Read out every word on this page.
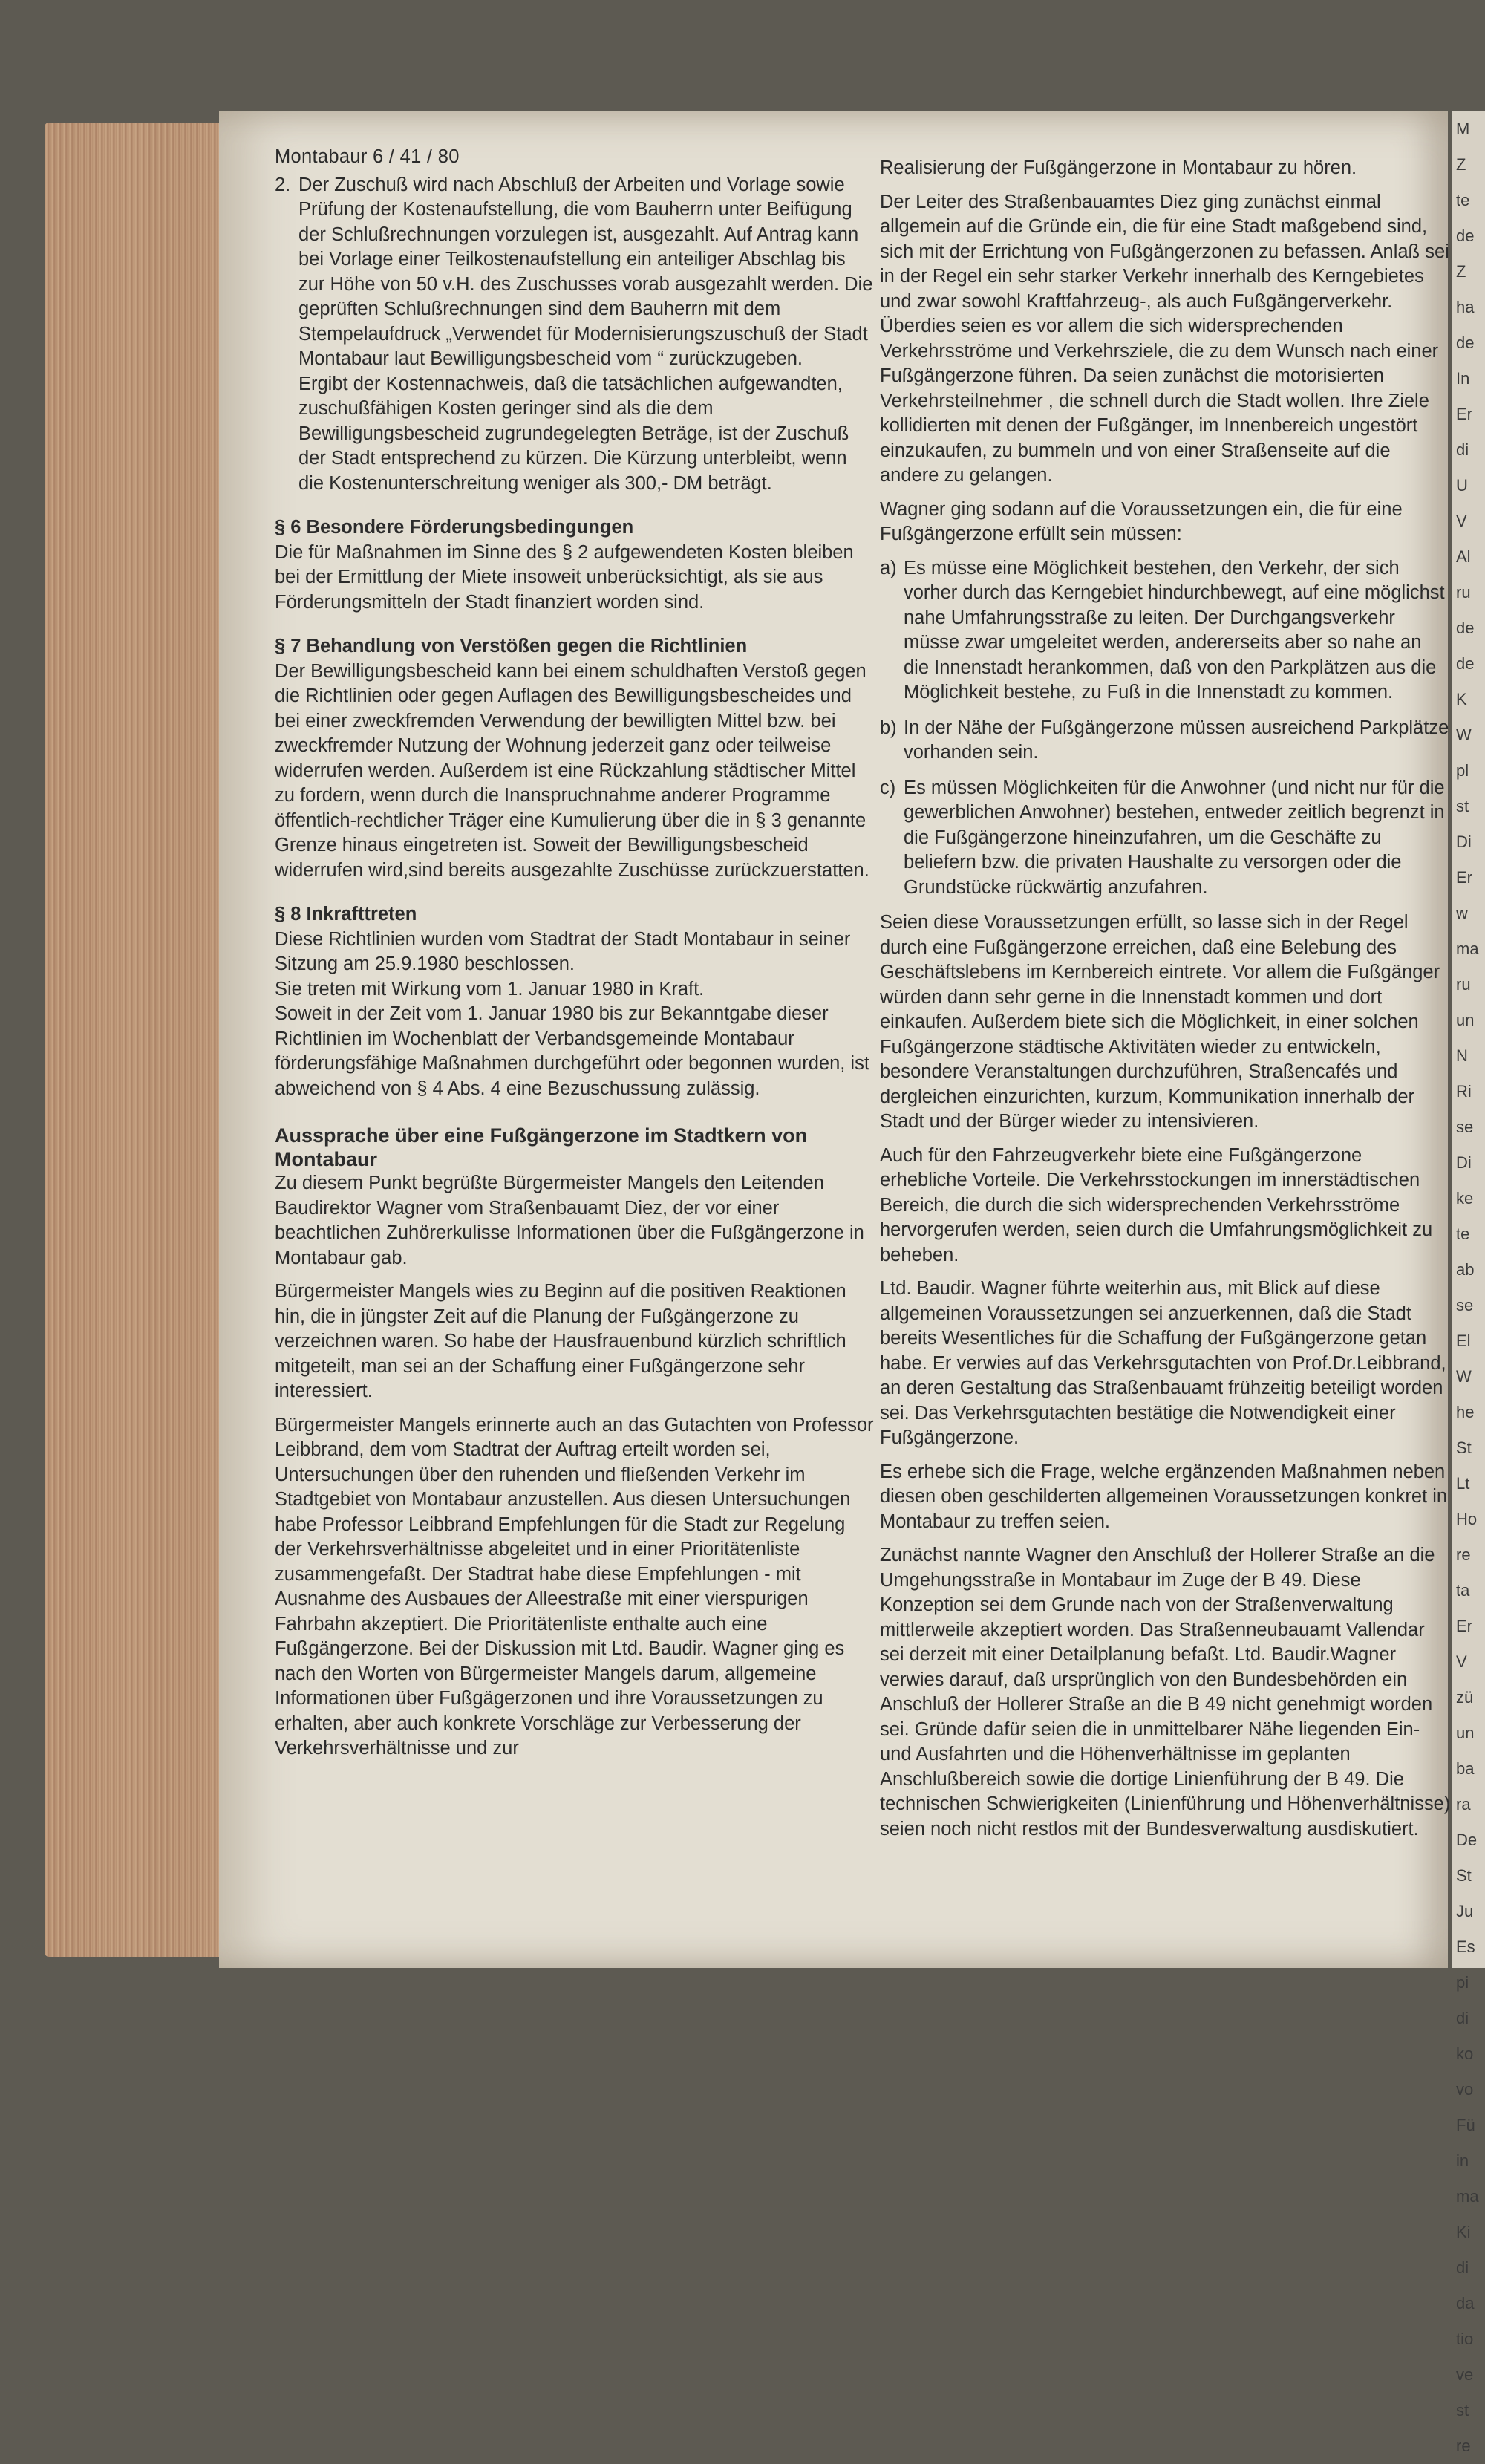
M
Z
te
de
Z
ha
de
In
Er
di
U
V
Al
ru
de
de
K
W
pl
st
Di
Er
w
ma
ru
un
N
Ri
se
Di
ke
te
ab
se
El
W
he
St
Lt
Ho
re
ta
Er
V
zü
un
ba
ra
De
St
Ju
Es
pi
di
ko
vo
Fü
in
ma
Ki
di
da
tio
ve
st
re
Montabaur 6 / 41 / 80
2. Der Zuschuß wird nach Abschluß der Arbeiten und Vorlage sowie Prüfung der Kostenaufstellung, die vom Bauherrn unter Beifügung der Schlußrechnungen vorzulegen ist, ausgezahlt. Auf Antrag kann bei Vorlage einer Teilkostenaufstellung ein anteiliger Abschlag bis zur Höhe von 50 v.H. des Zuschusses vorab ausgezahlt werden. Die geprüften Schlußrechnungen sind dem Bauherrn mit dem Stempelaufdruck „Verwendet für Modernisierungszuschuß der Stadt Montabaur laut Bewilligungsbescheid vom “ zurückzugeben.
Ergibt der Kostennachweis, daß die tatsächlichen aufgewandten, zuschußfähigen Kosten geringer sind als die dem Bewilligungsbescheid zugrundegelegten Beträge, ist der Zuschuß der Stadt entsprechend zu kürzen. Die Kürzung unterbleibt, wenn die Kostenunterschreitung weniger als 300,- DM beträgt.
§ 6 Besondere Förderungsbedingungen

Die für Maßnahmen im Sinne des § 2 aufgewendeten Kosten bleiben bei der Ermittlung der Miete insoweit unberücksichtigt, als sie aus Förderungsmitteln der Stadt finanziert worden sind.

§ 7 Behandlung von Verstößen gegen die Richtlinien

Der Bewilligungsbescheid kann bei einem schuldhaften Verstoß gegen die Richtlinien oder gegen Auflagen des Bewilligungsbescheides und bei einer zweckfremden Verwendung der bewilligten Mittel bzw. bei zweckfremder Nutzung der Wohnung jederzeit ganz oder teilweise widerrufen werden. Außerdem ist eine Rückzahlung städtischer Mittel zu fordern, wenn durch die Inanspruchnahme anderer Programme öffentlich-rechtlicher Träger eine Kumulierung über die in § 3 genannte Grenze hinaus eingetreten ist. Soweit der Bewilligungsbescheid widerrufen wird,sind bereits ausgezahlte Zuschüsse zurückzuerstatten.

§ 8 Inkrafttreten
Diese Richtlinien wurden vom Stadtrat der Stadt Montabaur in seiner Sitzung am 25.9.1980 beschlossen.
Sie treten mit Wirkung vom 1. Januar 1980 in Kraft.

Soweit in der Zeit vom 1. Januar 1980 bis zur Bekanntgabe dieser Richtlinien im Wochenblatt der Verbandsgemeinde Montabaur förderungsfähige Maßnahmen durchgeführt oder begonnen wurden, ist abweichend von § 4 Abs. 4 eine Bezuschussung zulässig.

Aussprache über eine Fußgängerzone im Stadtkern von Montabaur

Zu diesem Punkt begrüßte Bürgermeister Mangels den Leitenden Baudirektor Wagner vom Straßenbauamt Diez, der vor einer beachtlichen Zuhörerkulisse Informationen über die Fußgängerzone in Montabaur gab.

Bürgermeister Mangels wies zu Beginn auf die positiven Reaktionen hin, die in jüngster Zeit auf die Planung der Fußgängerzone zu verzeichnen waren. So habe der Hausfrauenbund kürzlich schriftlich mitgeteilt, man sei an der Schaffung einer Fußgängerzone sehr interessiert.

Bürgermeister Mangels erinnerte auch an das Gutachten von Professor Leibbrand, dem vom Stadtrat der Auftrag erteilt worden sei, Untersuchungen über den ruhenden und fließenden Verkehr im Stadtgebiet von Montabaur anzustellen. Aus diesen Untersuchungen habe Professor Leibbrand Empfehlungen für die Stadt zur Regelung der Verkehrsverhältnisse abgeleitet und in einer Prioritätenliste zusammengefaßt. Der Stadtrat habe diese Empfehlungen - mit Ausnahme des Ausbaues der Alleestraße mit einer vierspurigen Fahrbahn akzeptiert. Die Prioritätenliste enthalte auch eine Fußgängerzone. Bei der Diskussion mit Ltd. Baudir. Wagner ging es nach den Worten von Bürgermeister Mangels darum, allgemeine Informationen über Fußgägerzonen und ihre Voraussetzungen zu erhalten, aber auch konkrete Vorschläge zur Verbesserung der Verkehrsverhältnisse und zur

Realisierung der Fußgängerzone in Montabaur zu hören.

Der Leiter des Straßenbauamtes Diez ging zunächst einmal allgemein auf die Gründe ein, die für eine Stadt maßgebend sind, sich mit der Errichtung von Fußgängerzonen zu befassen. Anlaß sei in der Regel ein sehr starker Verkehr innerhalb des Kerngebietes und zwar sowohl Kraftfahrzeug-, als auch Fußgängerverkehr. Überdies seien es vor allem die sich widersprechenden Verkehrsströme und Verkehrsziele, die zu dem Wunsch nach einer Fußgängerzone führen. Da seien zunächst die motorisierten Verkehrsteilnehmer , die schnell durch die Stadt wollen. Ihre Ziele kollidierten mit denen der Fußgänger, im Innenbereich ungestört einzukaufen, zu bummeln und von einer Straßenseite auf die andere zu gelangen.

Wagner ging sodann auf die Voraussetzungen ein, die für eine Fußgängerzone erfüllt sein müssen:

a) Es müsse eine Möglichkeit bestehen, den Verkehr, der sich vorher durch das Kerngebiet hindurchbewegt, auf eine möglichst nahe Umfahrungsstraße zu leiten. Der Durchgangsverkehr müsse zwar umgeleitet werden, andererseits aber so nahe an die Innenstadt herankommen, daß von den Parkplätzen aus die Möglichkeit bestehe, zu Fuß in die Innenstadt zu kommen.
b) In der Nähe der Fußgängerzone müssen ausreichend Parkplätze vorhanden sein.
c) Es müssen Möglichkeiten für die Anwohner (und nicht nur für die gewerblichen Anwohner) bestehen, entweder zeitlich begrenzt in die Fußgängerzone hineinzufahren, um die Geschäfte zu beliefern bzw. die privaten Haushalte zu versorgen oder die Grundstücke rückwärtig anzufahren.

Seien diese Voraussetzungen erfüllt, so lasse sich in der Regel durch eine Fußgängerzone erreichen, daß eine Belebung des Geschäftslebens im Kernbereich eintrete. Vor allem die Fußgänger würden dann sehr gerne in die Innenstadt kommen und dort einkaufen. Außerdem biete sich die Möglichkeit, in einer solchen Fußgängerzone städtische Aktivitäten wieder zu entwickeln, besondere Veranstaltungen durchzuführen, Straßencafés und dergleichen einzurichten, kurzum, Kommunikation innerhalb der Stadt und der Bürger wieder zu intensivieren.

Auch für den Fahrzeugverkehr biete eine Fußgängerzone erhebliche Vorteile. Die Verkehrsstockungen im innerstädtischen Bereich, die durch die sich widersprechenden Verkehrsströme hervorgerufen werden, seien durch die Umfahrungsmöglichkeit zu beheben.

Ltd. Baudir. Wagner führte weiterhin aus, mit Blick auf diese allgemeinen Voraussetzungen sei anzuerkennen, daß die Stadt bereits Wesentliches für die Schaffung der Fußgängerzone getan habe. Er verwies auf das Verkehrsgutachten von Prof.Dr.Leibbrand, an deren Gestaltung das Straßenbauamt frühzeitig beteiligt worden sei. Das Verkehrsgutachten bestätige die Notwendigkeit einer Fußgängerzone.

Es erhebe sich die Frage, welche ergänzenden Maßnahmen neben diesen oben geschilderten allgemeinen Voraussetzungen konkret in Montabaur zu treffen seien.

Zunächst nannte Wagner den Anschluß der Hollerer Straße an die Umgehungsstraße in Montabaur im Zuge der B 49. Diese Konzeption sei dem Grunde nach von der Straßenverwaltung mittlerweile akzeptiert worden. Das Straßenneubauamt Vallendar sei derzeit mit einer Detailplanung befaßt. Ltd. Baudir.Wagner verwies darauf, daß ursprünglich von den Bundesbehörden ein Anschluß der Hollerer Straße an die B 49 nicht genehmigt worden sei. Gründe dafür seien die in unmittelbarer Nähe liegenden Ein- und Ausfahrten und die Höhenverhältnisse im geplanten Anschlußbereich sowie die dortige Linienführung der B 49. Die technischen Schwierigkeiten (Linienführung und Höhenverhältnisse) seien noch nicht restlos mit der Bundesverwaltung ausdiskutiert.
